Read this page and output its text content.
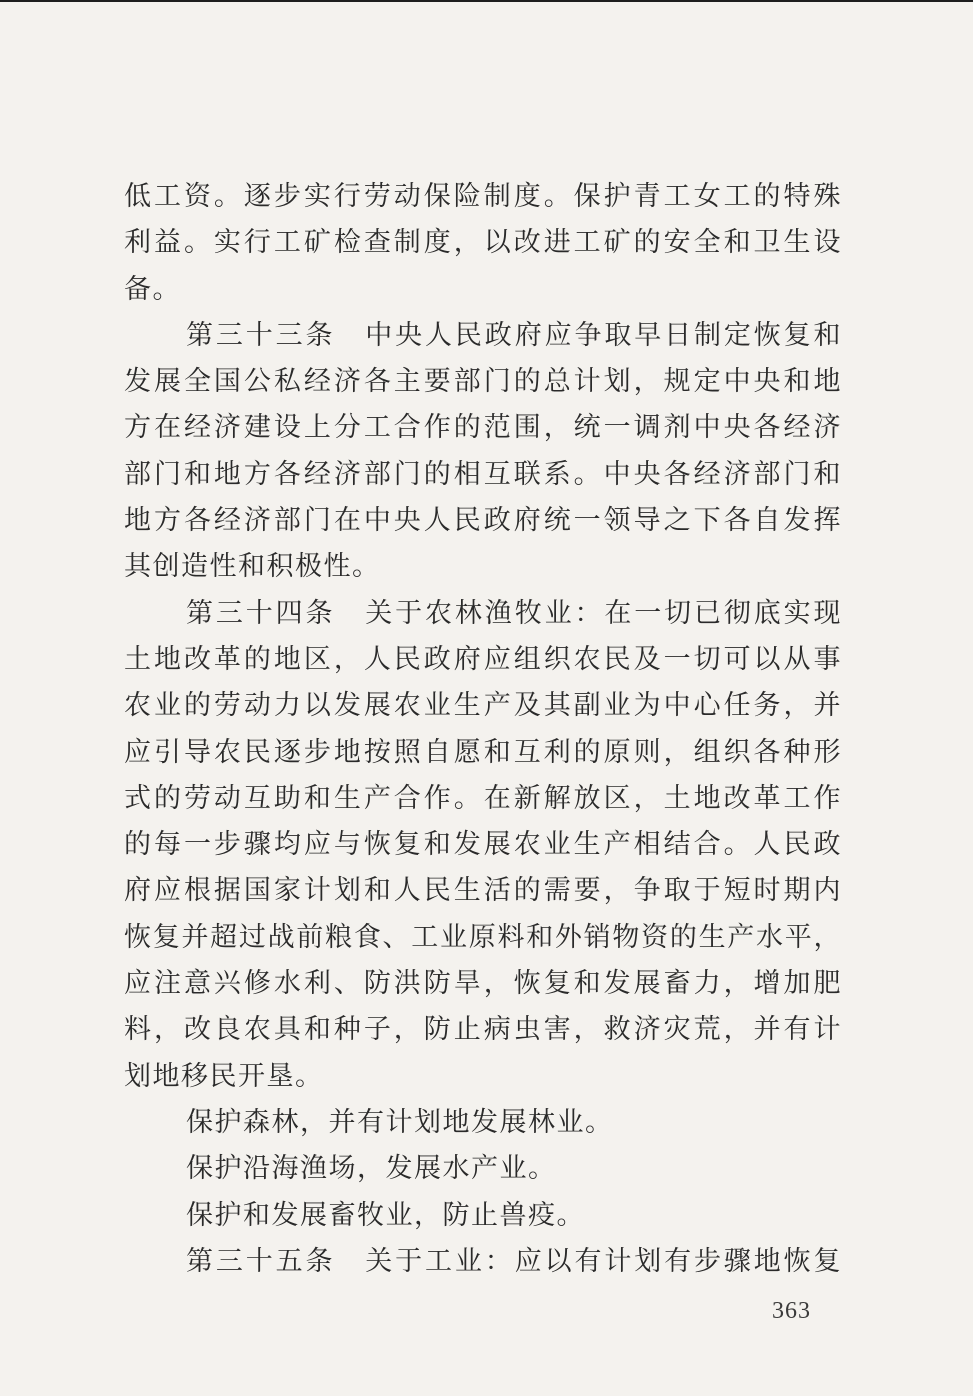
低工资。逐步实行劳动保险制度。保护青工女工的特殊
利益。实行工矿检查制度，以改进工矿的安全和卫生设
备。
第三十三条　中央人民政府应争取早日制定恢复和
发展全国公私经济各主要部门的总计划，规定中央和地
方在经济建设上分工合作的范围，统一调剂中央各经济
部门和地方各经济部门的相互联系。中央各经济部门和
地方各经济部门在中央人民政府统一领导之下各自发挥
其创造性和积极性。
第三十四条　关于农林渔牧业：在一切已彻底实现
土地改革的地区，人民政府应组织农民及一切可以从事
农业的劳动力以发展农业生产及其副业为中心任务，并
应引导农民逐步地按照自愿和互利的原则，组织各种形
式的劳动互助和生产合作。在新解放区，土地改革工作
的每一步骤均应与恢复和发展农业生产相结合。人民政
府应根据国家计划和人民生活的需要，争取于短时期内
恢复并超过战前粮食、工业原料和外销物资的生产水平，
应注意兴修水利、防洪防旱，恢复和发展畜力，增加肥
料，改良农具和种子，防止病虫害，救济灾荒，并有计
划地移民开垦。
保护森林，并有计划地发展林业。
保护沿海渔场，发展水产业。
保护和发展畜牧业，防止兽疫。
第三十五条　关于工业：应以有计划有步骤地恢复
363
